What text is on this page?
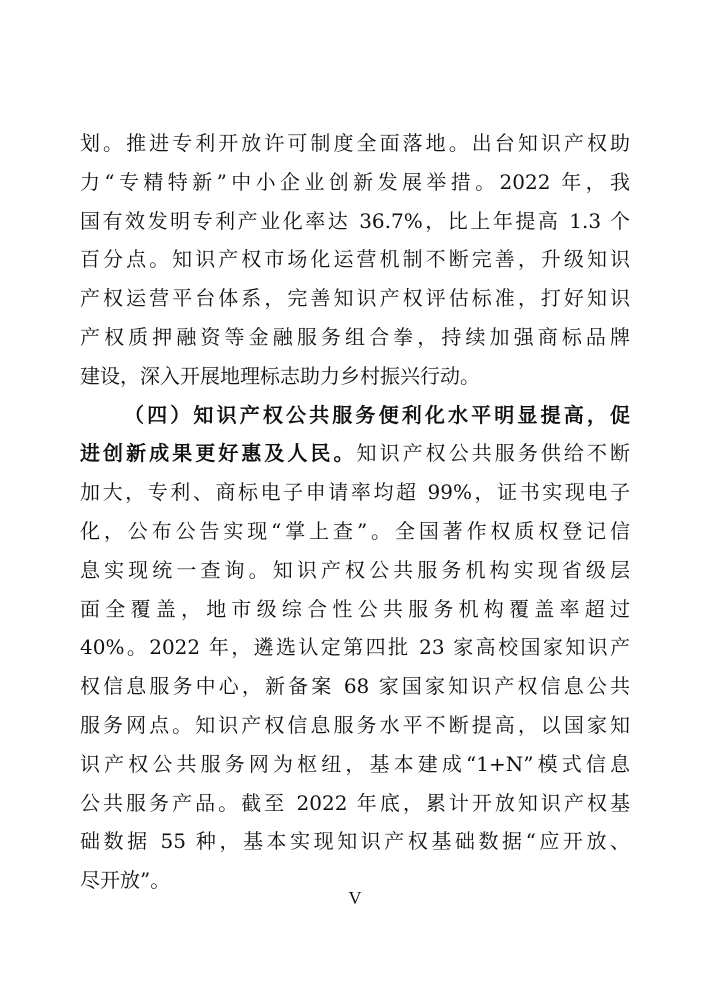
划。推进专利开放许可制度全面落地。出台知识产权助
力“专精特新”中小企业创新发展举措。2022 年，我
国有效发明专利产业化率达 36.7%，比上年提高 1.3 个
百分点。知识产权市场化运营机制不断完善，升级知识
产权运营平台体系，完善知识产权评估标准，打好知识
产权质押融资等金融服务组合拳，持续加强商标品牌
建设，深入开展地理标志助力乡村振兴行动。
（四）知识产权公共服务便利化水平明显提高，促
进创新成果更好惠及人民。知识产权公共服务供给不断
加大，专利、商标电子申请率均超 99%，证书实现电子
化，公布公告实现“掌上查”。全国著作权质权登记信
息实现统一查询。知识产权公共服务机构实现省级层
面全覆盖，地市级综合性公共服务机构覆盖率超过
40%。2022 年，遴选认定第四批 23 家高校国家知识产
权信息服务中心，新备案 68 家国家知识产权信息公共
服务网点。知识产权信息服务水平不断提高，以国家知
识产权公共服务网为枢纽，基本建成“1+N”模式信息
公共服务产品。截至 2022 年底，累计开放知识产权基
础数据 55 种，基本实现知识产权基础数据“应开放、
尽开放”。
V
